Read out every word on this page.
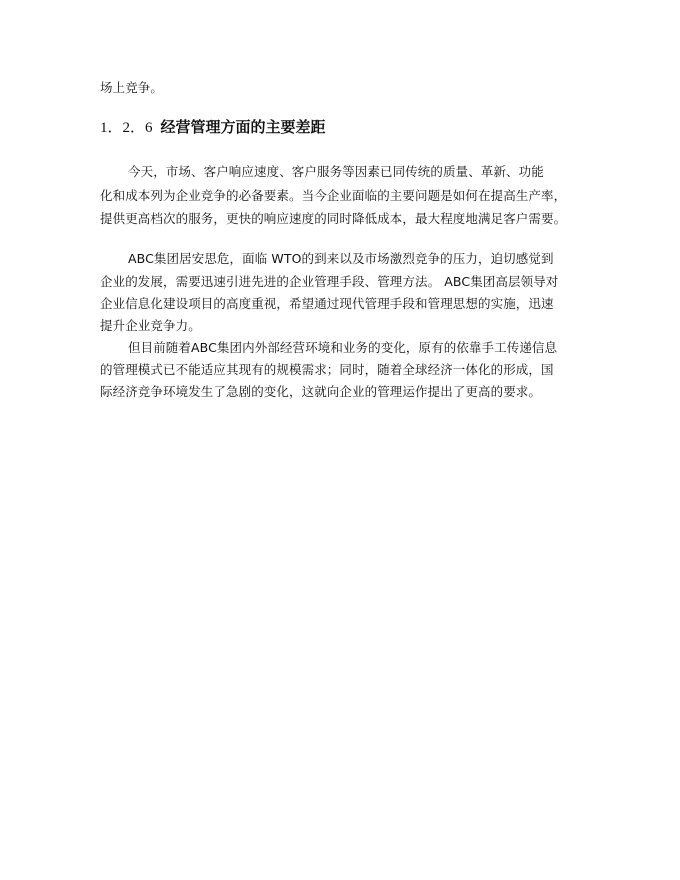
场上竞争。
1．2．6 经营管理方面的主要差距
今天，市场、客户响应速度、客户服务等因素已同传统的质量、革新、功能
化和成本列为企业竞争的必备要素。当今企业面临的主要问题是如何在提高生产率，
提供更高档次的服务，更快的响应速度的同时降低成本，最大程度地满足客户需要。
ABC集团居安思危，面临 WTO的到来以及市场激烈竞争的压力，迫切感觉到
企业的发展，需要迅速引进先进的企业管理手段、管理方法。 ABC集团高层领导对
企业信息化建设项目的高度重视，希望通过现代管理手段和管理思想的实施，迅速
提升企业竞争力。
但目前随着ABC集团内外部经营环境和业务的变化，原有的依靠手工传递信息
的管理模式已不能适应其现有的规模需求；同时，随着全球经济一体化的形成，国
际经济竞争环境发生了急剧的变化，这就向企业的管理运作提出了更高的要求。
